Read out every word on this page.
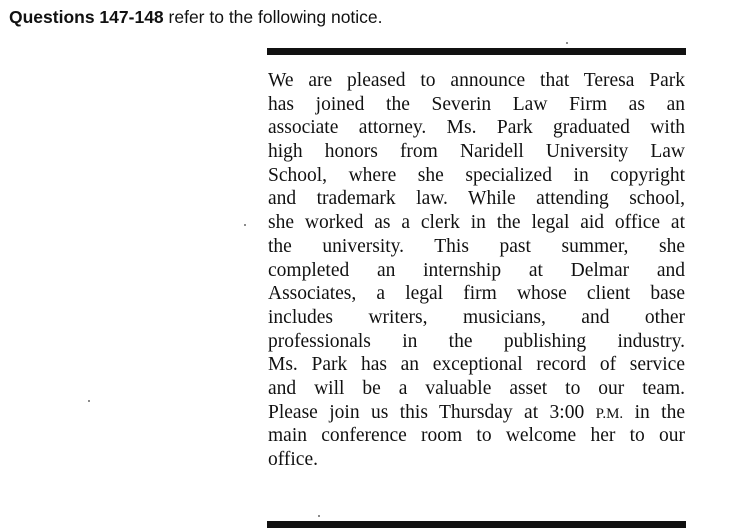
Questions 147-148 refer to the following notice.
We are pleased to announce that Teresa Park
has joined the Severin Law Firm as an
associate attorney. Ms. Park graduated with
high honors from Naridell University Law
School, where she specialized in copyright
and trademark law. While attending school,
she worked as a clerk in the legal aid office at
the university. This past summer, she
completed an internship at Delmar and
Associates, a legal firm whose client base
includes writers, musicians, and other
professionals in the publishing industry.
Ms. Park has an exceptional record of service
and will be a valuable asset to our team.
Please join us this Thursday at 3:00 P.M. in the
main conference room to welcome her to our
office.
